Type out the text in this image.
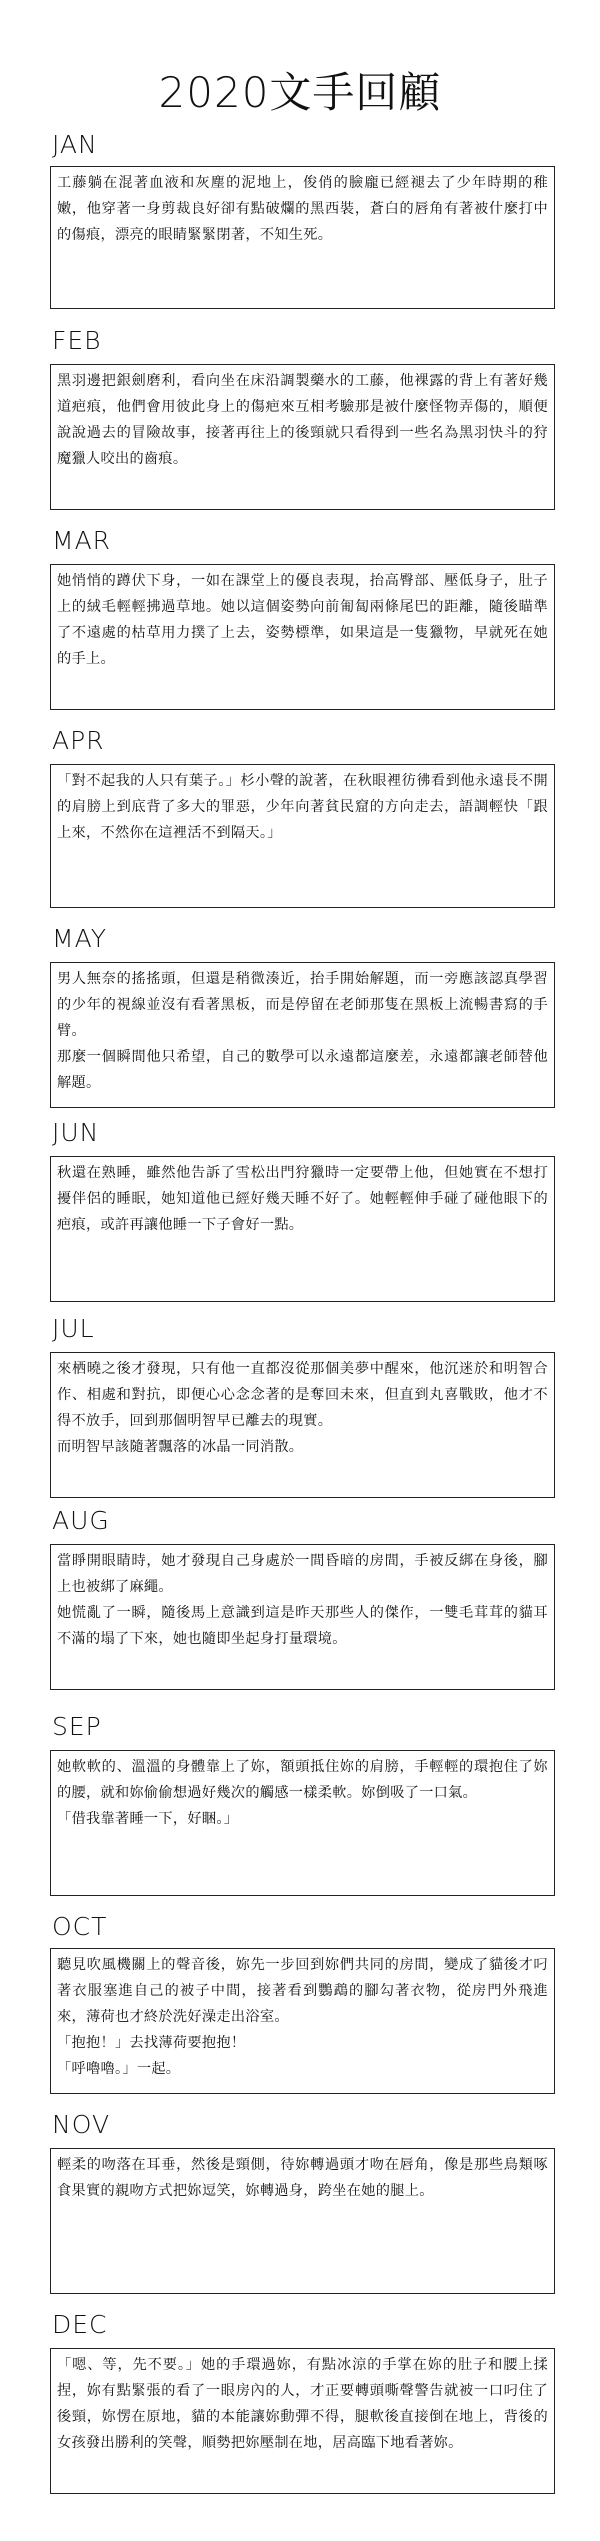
2020文手回顧
JAN

工藤躺在混著血液和灰塵的泥地上，俊俏的臉龐已經褪去了少年時期的稚嫩，他穿著一身剪裁良好卻有點破爛的黑西裝，蒼白的唇角有著被什麼打中的傷痕，漂亮的眼睛緊緊閉著，不知生死。

FEB

黑羽邊把銀劍磨利，看向坐在床沿調製藥水的工藤，他裸露的背上有著好幾道疤痕，他們會用彼此身上的傷疤來互相考驗那是被什麼怪物弄傷的，順便說說過去的冒險故事，接著再往上的後頸就只看得到一些名為黑羽快斗的狩魔獵人咬出的齒痕。

MAR

她悄悄的蹲伏下身，一如在課堂上的優良表現，抬高臀部、壓低身子，肚子上的絨毛輕輕拂過草地。她以這個姿勢向前匍匐兩條尾巴的距離，隨後瞄準了不遠處的枯草用力撲了上去，姿勢標準，如果這是一隻獵物，早就死在她的手上。

APR

「對不起我的人只有葉子。」杉小聲的說著，在秋眼裡彷彿看到他永遠長不開的肩膀上到底背了多大的罪惡，少年向著貧民窟的方向走去，語調輕快「跟上來，不然你在這裡活不到隔天。」

MAY

男人無奈的搖搖頭，但還是稍微湊近，抬手開始解題，而一旁應該認真學習的少年的視線並沒有看著黑板，而是停留在老師那隻在黑板上流暢書寫的手臂。

那麼一個瞬間他只希望，自己的數學可以永遠都這麼差，永遠都讓老師替他解題。

JUN

秋還在熟睡，雖然他告訴了雪松出門狩獵時一定要帶上他，但她實在不想打擾伴侶的睡眠，她知道他已經好幾天睡不好了。她輕輕伸手碰了碰他眼下的疤痕，或許再讓他睡一下子會好一點。

JUL

來栖曉之後才發現，只有他一直都沒從那個美夢中醒來，他沉迷於和明智合作、相處和對抗，即便心心念念著的是奪回未來，但直到丸喜戰敗，他才不得不放手，回到那個明智早已離去的現實。

而明智早該隨著飄落的冰晶一同消散。

AUG

當睜開眼睛時，她才發現自己身處於一間昏暗的房間，手被反綁在身後，腳上也被綁了麻繩。

她慌亂了一瞬，隨後馬上意識到這是昨天那些人的傑作，一雙毛茸茸的貓耳不滿的塌了下來，她也隨即坐起身打量環境。

SEP

她軟軟的、溫溫的身體靠上了妳，額頭抵住妳的肩膀，手輕輕的環抱住了妳的腰，就和妳偷偷想過好幾次的觸感一樣柔軟。妳倒吸了一口氣。

「借我靠著睡一下，好睏。」

OCT

聽見吹風機關上的聲音後，妳先一步回到妳們共同的房間，變成了貓後才叼著衣服塞進自己的被子中間，接著看到鸚鵡的腳勾著衣物，從房門外飛進來，薄荷也才終於洗好澡走出浴室。

「抱抱！」去找薄荷要抱抱！

「呼嚕嚕。」一起。

NOV

輕柔的吻落在耳垂，然後是頸側，待妳轉過頭才吻在唇角，像是那些鳥類啄食果實的親吻方式把妳逗笑，妳轉過身，跨坐在她的腿上。

DEC

「嗯、等，先不要。」她的手環過妳，有點冰涼的手掌在妳的肚子和腰上揉捏，妳有點緊張的看了一眼房內的人，才正要轉頭嘶聲警告就被一口叼住了後頸，妳愣在原地，貓的本能讓妳動彈不得，腿軟後直接倒在地上，背後的女孩發出勝利的笑聲，順勢把妳壓制在地，居高臨下地看著妳。
